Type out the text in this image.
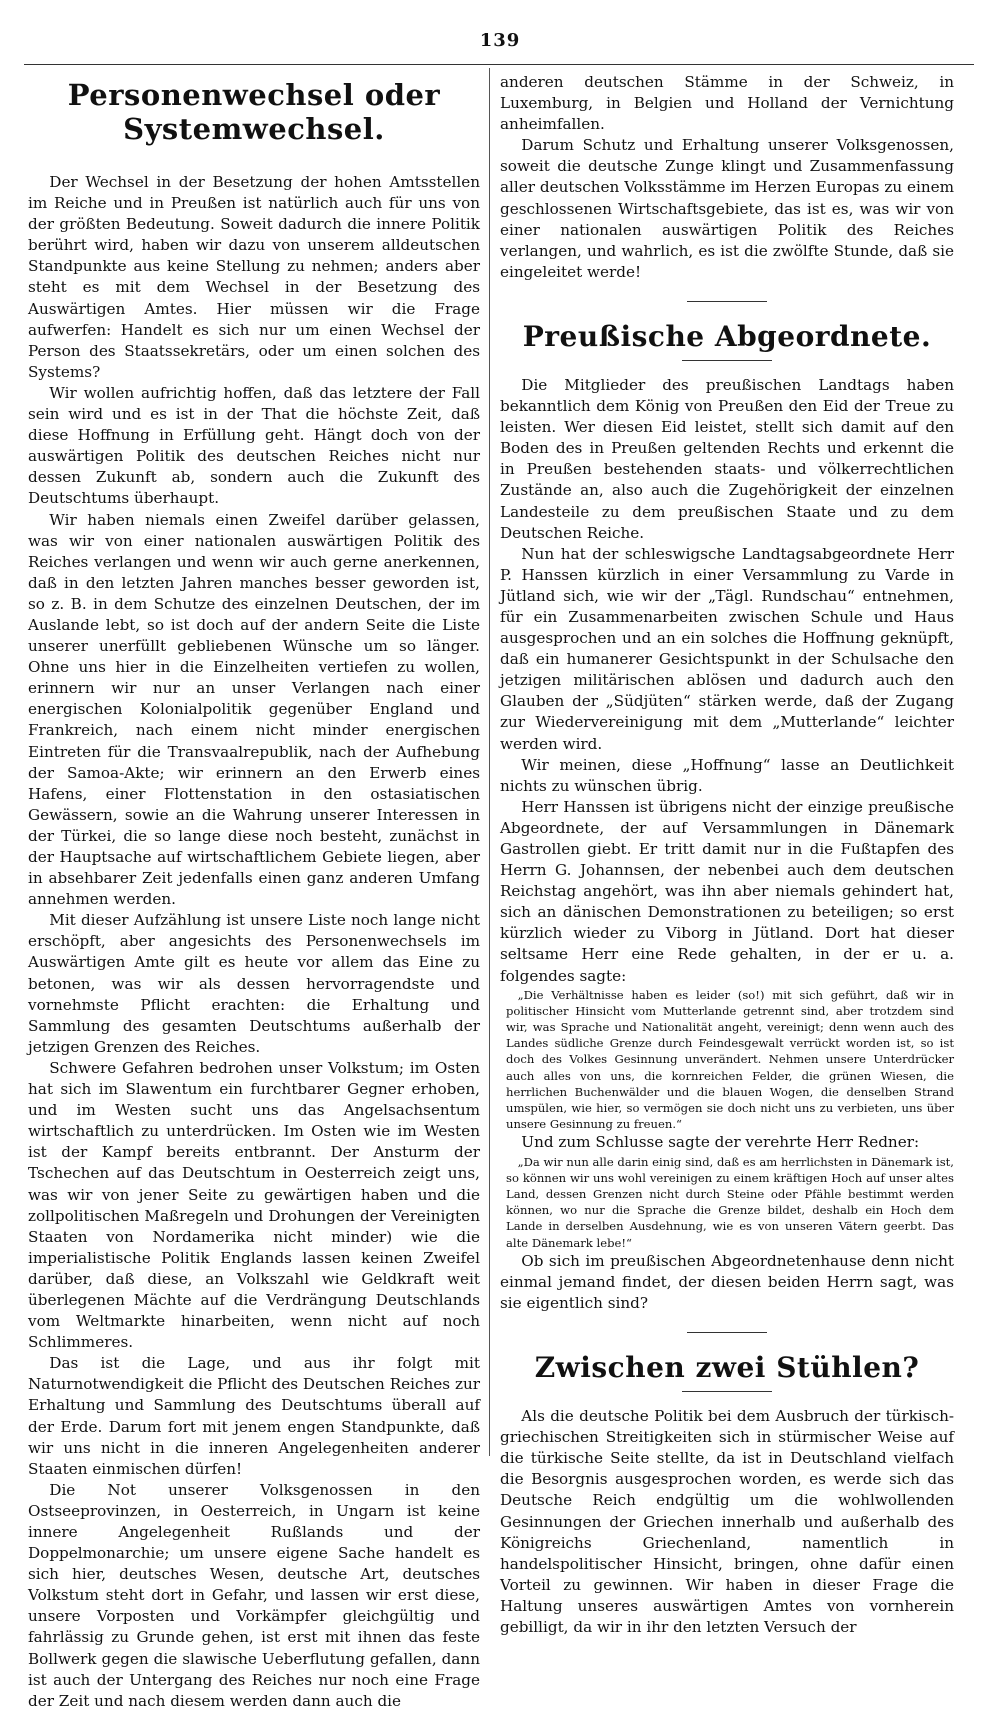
139
Personenwechsel oder Systemwechsel.

Der Wechsel in der Besetzung der hohen Amtsstellen im Reiche und in Preußen ist natürlich auch für uns von der größten Bedeutung. Soweit dadurch die innere Politik berührt wird, haben wir dazu von unserem alldeutschen Standpunkte aus keine Stellung zu nehmen; anders aber steht es mit dem Wechsel in der Besetzung des Auswärtigen Amtes. Hier müssen wir die Frage aufwerfen: Handelt es sich nur um einen Wechsel der Person des Staatssekretärs, oder um einen solchen des Systems?

Wir wollen aufrichtig hoffen, daß das letztere der Fall sein wird und es ist in der That die höchste Zeit, daß diese Hoffnung in Erfüllung geht. Hängt doch von der auswärtigen Politik des deutschen Reiches nicht nur dessen Zukunft ab, sondern auch die Zukunft des Deutschtums überhaupt.

Wir haben niemals einen Zweifel darüber gelassen, was wir von einer nationalen auswärtigen Politik des Reiches verlangen und wenn wir auch gerne anerkennen, daß in den letzten Jahren manches besser geworden ist, so z. B. in dem Schutze des einzelnen Deutschen, der im Auslande lebt, so ist doch auf der andern Seite die Liste unserer unerfüllt gebliebenen Wünsche um so länger. Ohne uns hier in die Einzelheiten vertiefen zu wollen, erinnern wir nur an unser Verlangen nach einer energischen Kolonialpolitik gegenüber England und Frankreich, nach einem nicht minder energischen Eintreten für die Transvaalrepublik, nach der Aufhebung der Samoa-Akte; wir erinnern an den Erwerb eines Hafens, einer Flottenstation in den ostasiatischen Gewässern, sowie an die Wahrung unserer Interessen in der Türkei, die so lange diese noch besteht, zunächst in der Hauptsache auf wirtschaftlichem Gebiete liegen, aber in absehbarer Zeit jedenfalls einen ganz anderen Umfang annehmen werden.

Mit dieser Aufzählung ist unsere Liste noch lange nicht erschöpft, aber angesichts des Personenwechsels im Auswärtigen Amte gilt es heute vor allem das Eine zu betonen, was wir als dessen hervorragendste und vornehmste Pflicht erachten: die Erhaltung und Sammlung des gesamten Deutschtums außerhalb der jetzigen Grenzen des Reiches.

Schwere Gefahren bedrohen unser Volkstum; im Osten hat sich im Slawentum ein furchtbarer Gegner erhoben, und im Westen sucht uns das Angelsachsentum wirtschaftlich zu unterdrücken. Im Osten wie im Westen ist der Kampf bereits entbrannt. Der Ansturm der Tschechen auf das Deutschtum in Oesterreich zeigt uns, was wir von jener Seite zu gewärtigen haben und die zollpolitischen Maßregeln und Drohungen der Vereinigten Staaten von Nordamerika nicht minder) wie die imperialistische Politik Englands lassen keinen Zweifel darüber, daß diese, an Volkszahl wie Geldkraft weit überlegenen Mächte auf die Verdrängung Deutschlands vom Weltmarkte hinarbeiten, wenn nicht auf noch Schlimmeres.

Das ist die Lage, und aus ihr folgt mit Naturnotwendigkeit die Pflicht des Deutschen Reiches zur Erhaltung und Sammlung des Deutschtums überall auf der Erde. Darum fort mit jenem engen Standpunkte, daß wir uns nicht in die inneren Angelegenheiten anderer Staaten einmischen dürfen!

Die Not unserer Volksgenossen in den Ostseeprovinzen, in Oesterreich, in Ungarn ist keine innere Angelegenheit Rußlands und der Doppelmonarchie; um unsere eigene Sache handelt es sich hier, deutsches Wesen, deutsche Art, deutsches Volkstum steht dort in Gefahr, und lassen wir erst diese, unsere Vorposten und Vorkämpfer gleichgültig und fahrlässig zu Grunde gehen, ist erst mit ihnen das feste Bollwerk gegen die slawische Ueberflutung gefallen, dann ist auch der Untergang des Reiches nur noch eine Frage der Zeit und nach diesem werden dann auch die

anderen deutschen Stämme in der Schweiz, in Luxemburg, in Belgien und Holland der Vernichtung anheimfallen.

Darum Schutz und Erhaltung unserer Volksgenossen, soweit die deutsche Zunge klingt und Zusammenfassung aller deutschen Volksstämme im Herzen Europas zu einem geschlossenen Wirtschaftsgebiete, das ist es, was wir von einer nationalen auswärtigen Politik des Reiches verlangen, und wahrlich, es ist die zwölfte Stunde, daß sie eingeleitet werde!

Preußische Abgeordnete.

Die Mitglieder des preußischen Landtags haben bekanntlich dem König von Preußen den Eid der Treue zu leisten. Wer diesen Eid leistet, stellt sich damit auf den Boden des in Preußen geltenden Rechts und erkennt die in Preußen bestehenden staats- und völkerrechtlichen Zustände an, also auch die Zugehörigkeit der einzelnen Landesteile zu dem preußischen Staate und zu dem Deutschen Reiche.

Nun hat der schleswigsche Landtagsabgeordnete Herr P. Hanssen kürzlich in einer Versammlung zu Varde in Jütland sich, wie wir der „Tägl. Rundschau“ entnehmen, für ein Zusammenarbeiten zwischen Schule und Haus ausgesprochen und an ein solches die Hoffnung geknüpft, daß ein humanerer Gesichtspunkt in der Schulsache den jetzigen militärischen ablösen und dadurch auch den Glauben der „Südjüten“ stärken werde, daß der Zugang zur Wiedervereinigung mit dem „Mutterlande“ leichter werden wird.

Wir meinen, diese „Hoffnung“ lasse an Deutlichkeit nichts zu wünschen übrig.

Herr Hanssen ist übrigens nicht der einzige preußische Abgeordnete, der auf Versammlungen in Dänemark Gastrollen giebt. Er tritt damit nur in die Fußtapfen des Herrn G. Johannsen, der nebenbei auch dem deutschen Reichstag angehört, was ihn aber niemals gehindert hat, sich an dänischen Demonstrationen zu beteiligen; so erst kürzlich wieder zu Viborg in Jütland. Dort hat dieser seltsame Herr eine Rede gehalten, in der er u. a. folgendes sagte:

„Die Verhältnisse haben es leider (so!) mit sich geführt, daß wir in politischer Hinsicht vom Mutterlande getrennt sind, aber trotzdem sind wir, was Sprache und Nationalität angeht, vereinigt; denn wenn auch des Landes südliche Grenze durch Feindesgewalt verrückt worden ist, so ist doch des Volkes Gesinnung unverändert. Nehmen unsere Unterdrücker auch alles von uns, die kornreichen Felder, die grünen Wiesen, die herrlichen Buchenwälder und die blauen Wogen, die denselben Strand umspülen, wie hier, so vermögen sie doch nicht uns zu verbieten, uns über unsere Gesinnung zu freuen.“

Und zum Schlusse sagte der verehrte Herr Redner:

„Da wir nun alle darin einig sind, daß es am herrlichsten in Dänemark ist, so können wir uns wohl vereinigen zu einem kräftigen Hoch auf unser altes Land, dessen Grenzen nicht durch Steine oder Pfähle bestimmt werden können, wo nur die Sprache die Grenze bildet, deshalb ein Hoch dem Lande in derselben Ausdehnung, wie es von unseren Vätern geerbt. Das alte Dänemark lebe!“

Ob sich im preußischen Abgeordnetenhause denn nicht einmal jemand findet, der diesen beiden Herrn sagt, was sie eigentlich sind?

Zwischen zwei Stühlen?

Als die deutsche Politik bei dem Ausbruch der türkisch-griechischen Streitigkeiten sich in stürmischer Weise auf die türkische Seite stellte, da ist in Deutschland vielfach die Besorgnis ausgesprochen worden, es werde sich das Deutsche Reich endgültig um die wohlwollenden Gesinnungen der Griechen innerhalb und außerhalb des Königreichs Griechenland, namentlich in handelspolitischer Hinsicht, bringen, ohne dafür einen Vorteil zu gewinnen. Wir haben in dieser Frage die Haltung unseres auswärtigen Amtes von vornherein gebilligt, da wir in ihr den letzten Versuch der
